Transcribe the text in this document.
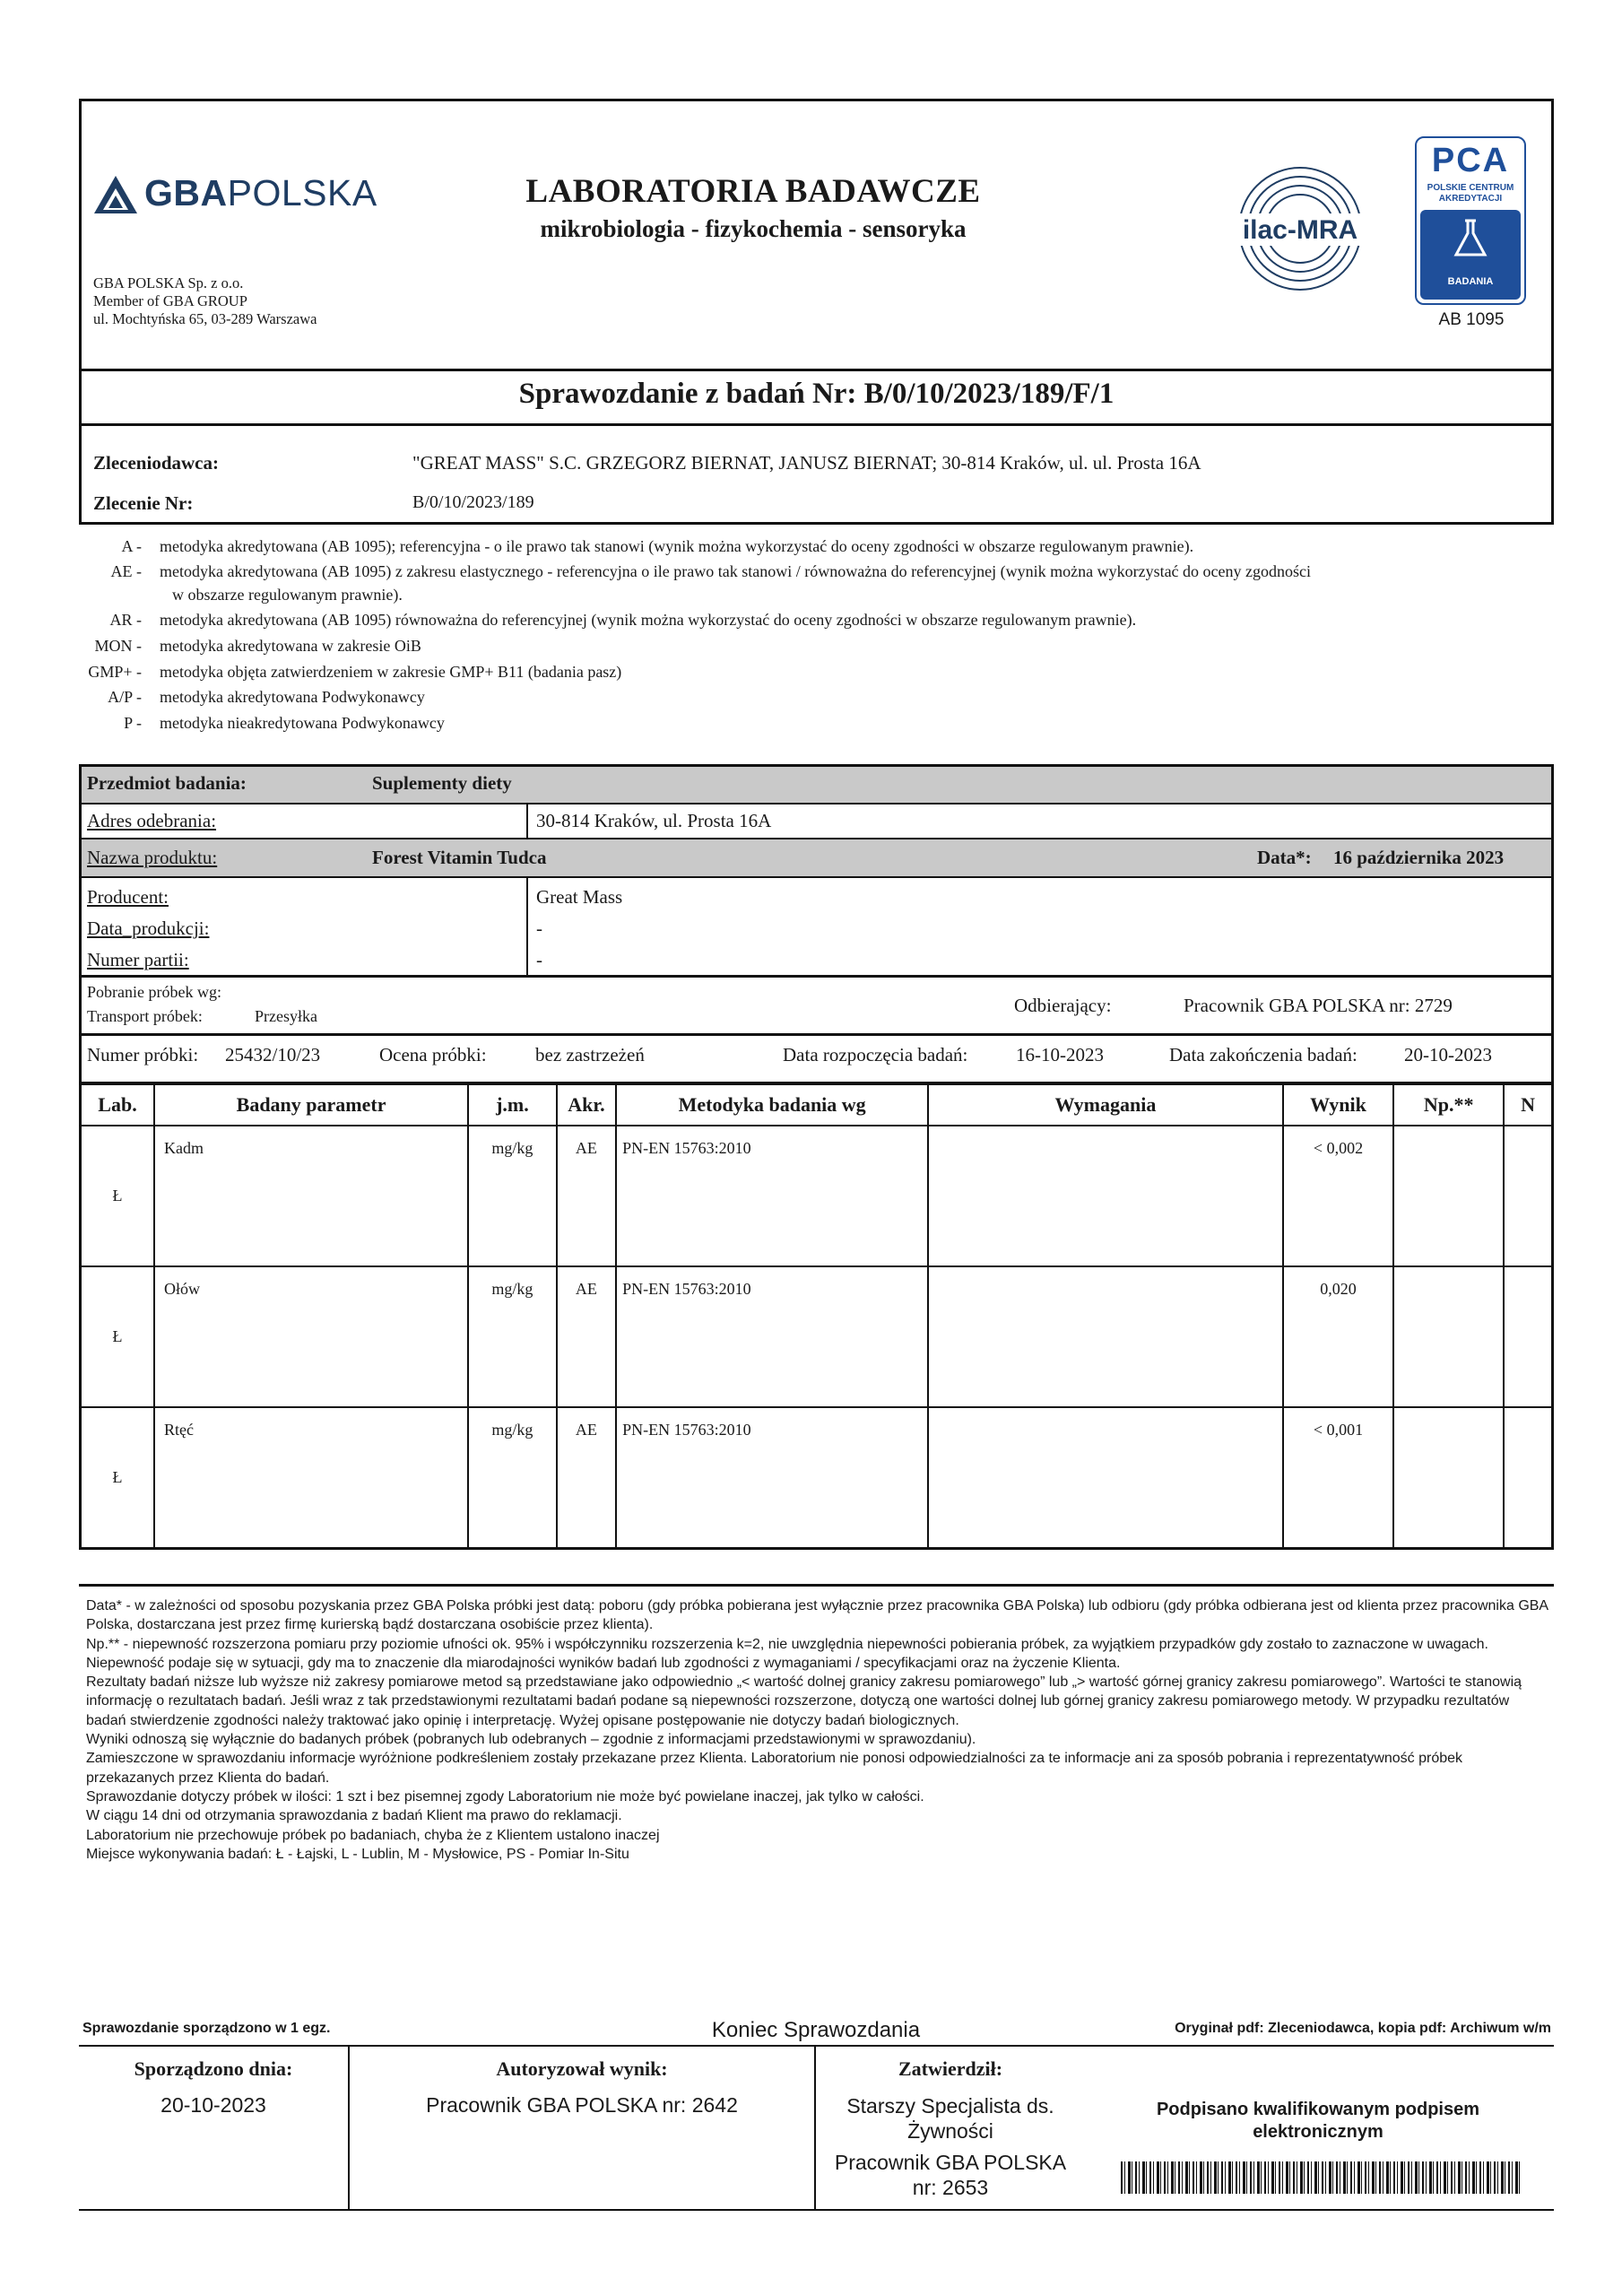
GBAPOLSKA
GBA POLSKA Sp. z o.o.
Member of GBA GROUP
ul. Mochtyńska 65, 03-289 Warszawa
LABORATORIA BADAWCZE
mikrobiologia - fizykochemia - sensoryka	ilac-MRA
PCA
POLSKIE CENTRUM
AKREDYTACJI
BADANIA
AB 1095
Sprawozdanie z badań Nr: B/0/10/2023/189/F/1
Zleceniodawca:	"GREAT MASS" S.C. GRZEGORZ BIERNAT, JANUSZ BIERNAT; 30-814 Kraków, ul. ul. Prosta 16A
Zlecenie Nr:	B/0/10/2023/189
A - metodyka akredytowana (AB 1095); referencyjna - o ile prawo tak stanowi (wynik można wykorzystać do oceny zgodności w obszarze regulowanym prawnie).
AE - metodyka akredytowana (AB 1095) z zakresu elastycznego - referencyjna o ile prawo tak stanowi / równoważna do referencyjnej (wynik można wykorzystać do oceny zgodności
w obszarze regulowanym prawnie).
AR - metodyka akredytowana (AB 1095) równoważna do referencyjnej (wynik można wykorzystać do oceny zgodności w obszarze regulowanym prawnie).
MON - metodyka akredytowana w zakresie OiB
GMP+ - metodyka objęta zatwierdzeniem w zakresie GMP+ B11 (badania pasz)
A/P - metodyka akredytowana Podwykonawcy
P - metodyka nieakredytowana Podwykonawcy
Przedmiot badania:	Suplementy diety
Adres odebrania:	30-814 Kraków, ul. Prosta 16A
Nazwa produktu:	Forest Vitamin Tudca	Data*: 16 października 2023
Producent:	Great Mass
Data_produkcji:	-
Numer partii:	-
Pobranie próbek wg:
Transport próbek:	Przesyłka	Odbierający:	Pracownik GBA POLSKA nr: 2729
Numer próbki: 25432/10/23	Ocena próbki:	bez zastrzeżeń	Data rozpoczęcia badań:	16-10-2023	Data zakończenia badań: 20-10-2023
Lab.	Badany parametr	j.m.	Akr.	Metodyka badania wg	Wymagania	Wynik	Np.**	N
Ł	Kadm	mg/kg	AE	PN-EN 15763:2010		< 0,002		
Ł	Ołów	mg/kg	AE	PN-EN 15763:2010		0,020		
Ł	Rtęć	mg/kg	AE	PN-EN 15763:2010		< 0,001		

Data* - w zależności od sposobu pozyskania przez GBA Polska próbki jest datą: poboru (gdy próbka pobierana jest wyłącznie przez pracownika GBA Polska) lub odbioru (gdy próbka odbierana jest od klienta przez pracownika GBA Polska, dostarczana jest przez firmę kurierską bądź dostarczana osobiście przez klienta).

Np.** - niepewność rozszerzona pomiaru przy poziomie ufności ok. 95% i współczynniku rozszerzenia k=2, nie uwzględnia niepewności pobierania próbek, za wyjątkiem przypadków gdy zostało to zaznaczone w uwagach.

Niepewność podaje się w sytuacji, gdy ma to znaczenie dla miarodajności wyników badań lub zgodności z wymaganiami / specyfikacjami oraz na życzenie Klienta.

Rezultaty badań niższe lub wyższe niż zakresy pomiarowe metod są przedstawiane jako odpowiednio „< wartość dolnej granicy zakresu pomiarowego” lub „> wartość górnej granicy zakresu pomiarowego”. Wartości te stanowią informację o rezultatach badań. Jeśli wraz z tak przedstawionymi rezultatami badań podane są niepewności rozszerzone, dotyczą one wartości dolnej lub górnej granicy zakresu pomiarowego metody. W przypadku rezultatów badań stwierdzenie zgodności należy traktować jako opinię i interpretację. Wyżej opisane postępowanie nie dotyczy badań biologicznych.

Wyniki odnoszą się wyłącznie do badanych próbek (pobranych lub odebranych – zgodnie z informacjami przedstawionymi w sprawozdaniu).

Zamieszczone w sprawozdaniu informacje wyróżnione podkreśleniem zostały przekazane przez Klienta. Laboratorium nie ponosi odpowiedzialności za te informacje ani za sposób pobrania i reprezentatywność próbek przekazanych przez Klienta do badań.

Sprawozdanie dotyczy próbek w ilości: 1 szt i bez pisemnej zgody Laboratorium nie może być powielane inaczej, jak tylko w całości.

W ciągu 14 dni od otrzymania sprawozdania z badań Klient ma prawo do reklamacji.

Laboratorium nie przechowuje próbek po badaniach, chyba że z Klientem ustalono inaczej

Miejsce wykonywania badań: Ł - Łajski, L - Lublin, M - Mysłowice, PS - Pomiar In-Situ

Sprawozdanie sporządzono w 1 egz.	Koniec Sprawozdania	Oryginał pdf: Zleceniodawca, kopia pdf: Archiwum w/m
Sporządzono dnia:
20-10-2023
Autoryzował wynik:
Pracownik GBA POLSKA nr: 2642
Zatwierdził:
Starszy Specjalista ds.
Żywności
Pracownik GBA POLSKA
nr: 2653
Podpisano kwalifikowanym podpisem
elektronicznym
